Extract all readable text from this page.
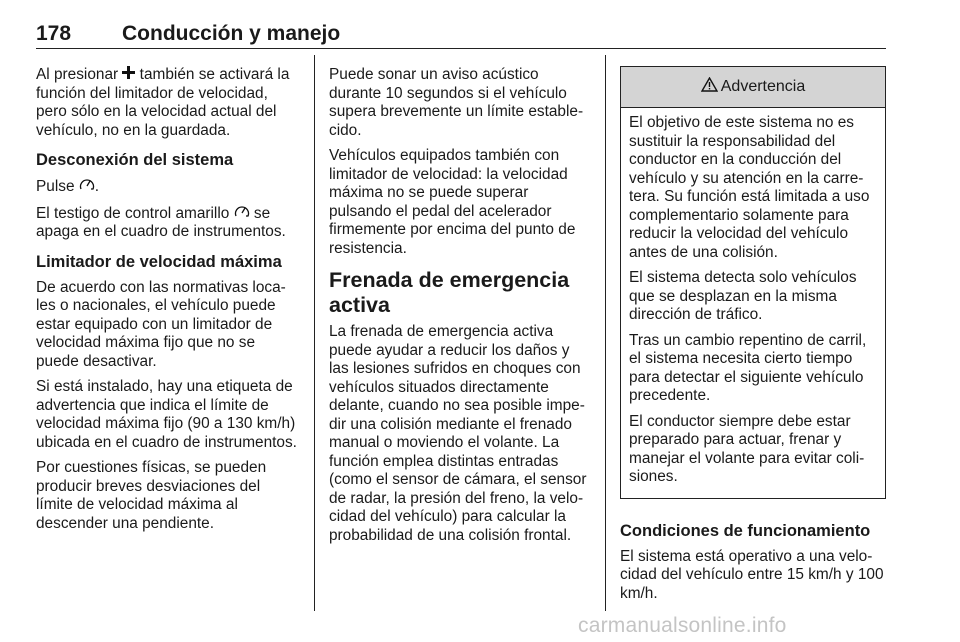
178 Conducción y manejo

Al presionar  también se activará la función del limitador de velocidad, pero sólo en la velocidad actual del vehículo, no en la guardada.

Desconexión del sistema

Pulse .

El testigo de control amarillo  se apaga en el cuadro de instrumentos.

Limitador de velocidad máxima

De acuerdo con las normativas locales o nacionales, el vehículo puede estar equipado con un limitador de velocidad máxima fijo que no se puede desactivar.

Si está instalado, hay una etiqueta de advertencia que indica el límite de velocidad máxima fijo (90 a 130 km/h) ubicada en el cuadro de instrumentos.

Por cuestiones físicas, se pueden producir breves desviaciones del límite de velocidad máxima al descender una pendiente.

Puede sonar un aviso acústico durante 10 segundos si el vehículo supera brevemente un límite establecido.

Vehículos equipados también con limitador de velocidad: la velocidad máxima no se puede superar pulsando el pedal del acelerador firmemente por encima del punto de resistencia.

Frenada de emergencia activa

La frenada de emergencia activa puede ayudar a reducir los daños y las lesiones sufridos en choques con vehículos situados directamente delante, cuando no sea posible impedir una colisión mediante el frenado manual o moviendo el volante. La función emplea distintas entradas (como el sensor de cámara, el sensor de radar, la presión del freno, la velocidad del vehículo) para calcular la probabilidad de una colisión frontal.

Advertencia

El objetivo de este sistema no es sustituir la responsabilidad del conductor en la conducción del vehículo y su atención en la carretera. Su función está limitada a uso complementario solamente para reducir la velocidad del vehículo antes de una colisión.

El sistema detecta solo vehículos que se desplazan en la misma dirección de tráfico.

Tras un cambio repentino de carril, el sistema necesita cierto tiempo para detectar el siguiente vehículo precedente.

El conductor siempre debe estar preparado para actuar, frenar y manejar el volante para evitar colisiones.

Condiciones de funcionamiento

El sistema está operativo a una velocidad del vehículo entre 15 km/h y 100 km/h.

carmanualsonline.info
